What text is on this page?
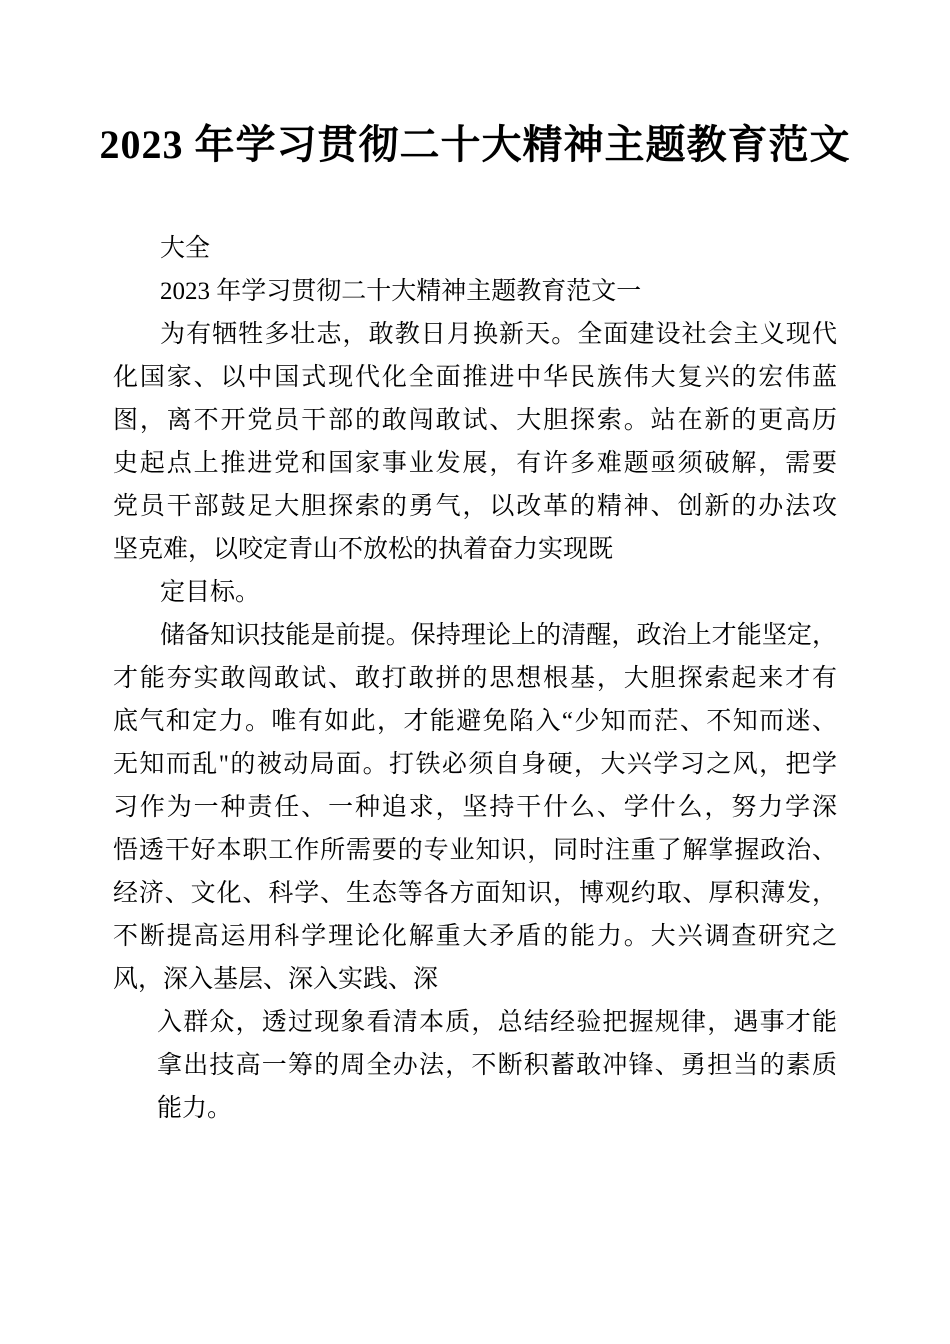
2023 年学习贯彻二十大精神主题教育范文
大全
2023 年学习贯彻二十大精神主题教育范文一
为有牺牲多壮志，敢教日月换新天。全面建设社会主义现代
化国家、以中国式现代化全面推进中华民族伟大复兴的宏伟蓝
图，离不开党员干部的敢闯敢试、大胆探索。站在新的更高历
史起点上推进党和国家事业发展，有许多难题亟须破解，需要
党员干部鼓足大胆探索的勇气，以改革的精神、创新的办法攻
坚克难，以咬定青山不放松的执着奋力实现既
定目标。
储备知识技能是前提。保持理论上的清醒，政治上才能坚定，
才能夯实敢闯敢试、敢打敢拼的思想根基，大胆探索起来才有
底气和定力。唯有如此，才能避免陷入“少知而茫、不知而迷、
无知而乱"的被动局面。打铁必须自身硬，大兴学习之风，把学
习作为一种责任、一种追求，坚持干什么、学什么，努力学深
悟透干好本职工作所需要的专业知识，同时注重了解掌握政治、
经济、文化、科学、生态等各方面知识，博观约取、厚积薄发，
不断提高运用科学理论化解重大矛盾的能力。大兴调查研究之
风，深入基层、深入实践、深
入群众，透过现象看清本质，总结经验把握规律，遇事才能
拿出技高一筹的周全办法，不断积蓄敢冲锋、勇担当的素质
能力。
